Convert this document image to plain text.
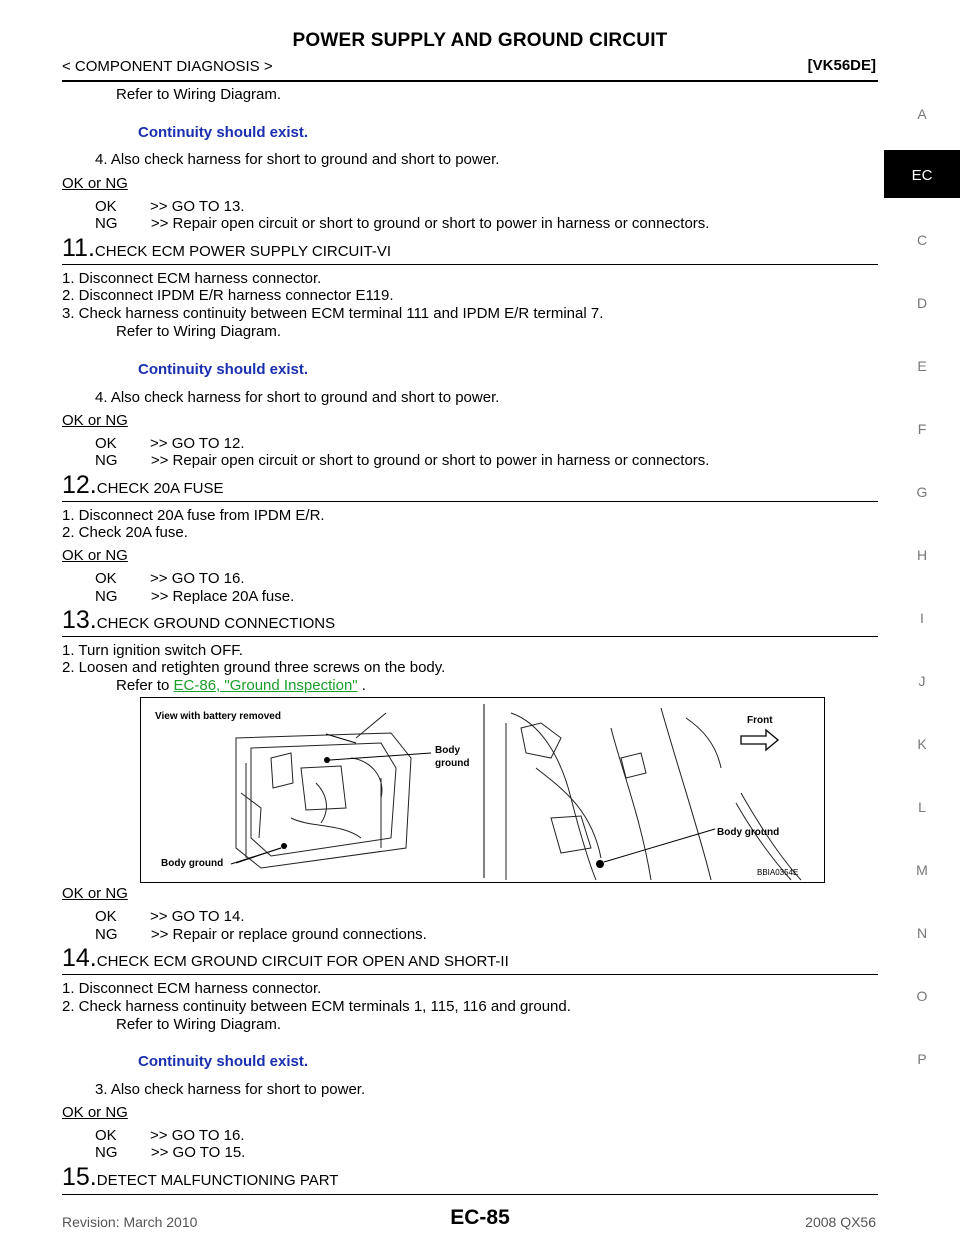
POWER SUPPLY AND GROUND CIRCUIT
< COMPONENT DIAGNOSIS >	[VK56DE]
A
EC
C
D
E
F
G
H
I
J
K
L
M
N
O
P
Refer to Wiring Diagram.
Continuity should exist.
4. Also check harness for short to ground and short to power.
OK or NG
OK        >> GO TO 13.
NG        >> Repair open circuit or short to ground or short to power in harness or connectors.
11.CHECK ECM POWER SUPPLY CIRCUIT-VI
1. Disconnect ECM harness connector.
2. Disconnect IPDM E/R harness connector E119.
3. Check harness continuity between ECM terminal 111 and IPDM E/R terminal 7.
Refer to Wiring Diagram.
Continuity should exist.
4. Also check harness for short to ground and short to power.
OK or NG
OK        >> GO TO 12.
NG        >> Repair open circuit or short to ground or short to power in harness or connectors.
12.CHECK 20A FUSE
1. Disconnect 20A fuse from IPDM E/R.
2. Check 20A fuse.
OK or NG
OK        >> GO TO 16.
NG        >> Replace 20A fuse.
13.CHECK GROUND CONNECTIONS
1. Turn ignition switch OFF.
2. Loosen and retighten ground three screws on the body.
Refer to EC-86, "Ground Inspection" .
View with battery removed
Body
ground
Body ground
Front
Body ground
BBIA0354E
OK or NG
OK        >> GO TO 14.
NG        >> Repair or replace ground connections.
14.CHECK ECM GROUND CIRCUIT FOR OPEN AND SHORT-II
1. Disconnect ECM harness connector.
2. Check harness continuity between ECM terminals 1, 115, 116 and ground.
Refer to Wiring Diagram.
Continuity should exist.
3. Also check harness for short to power.
OK or NG
OK        >> GO TO 16.
NG        >> GO TO 15.
15.DETECT MALFUNCTIONING PART
Revision: March 2010	EC-85	2008 QX56
